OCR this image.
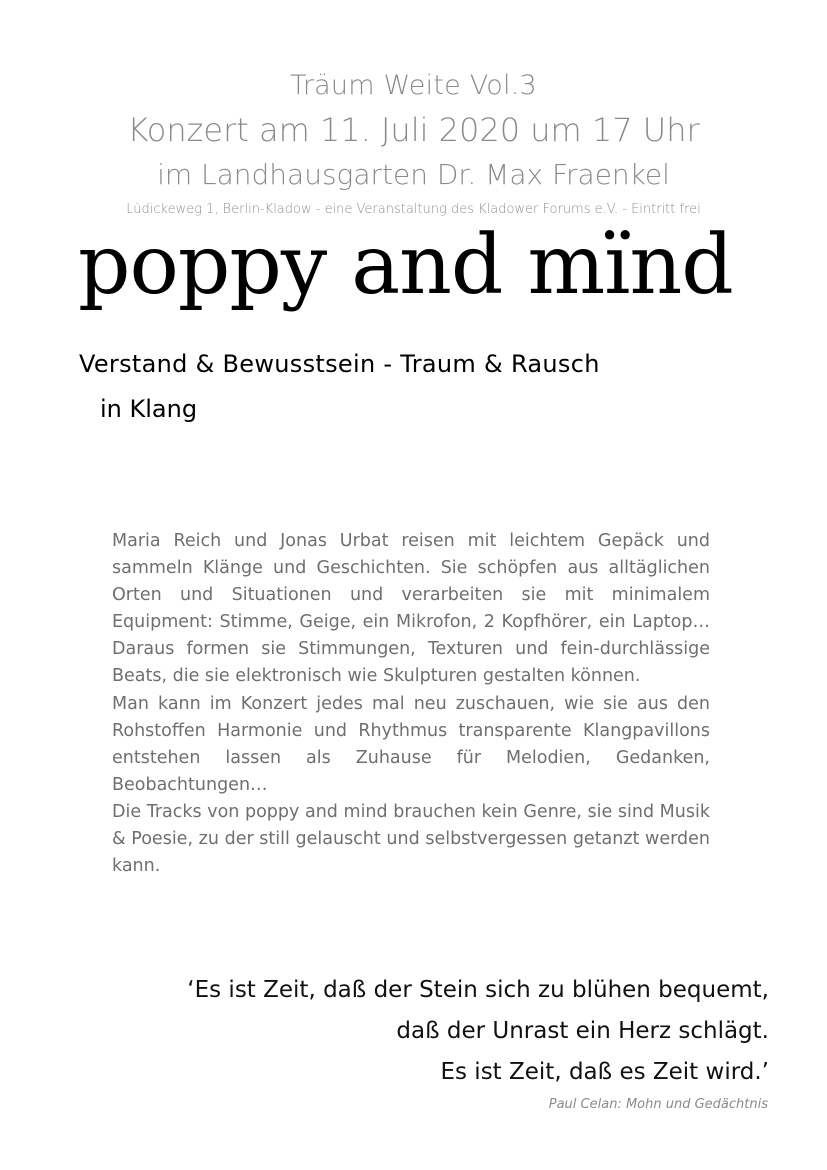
Träum Weite Vol.3
Konzert am 11. Juli 2020 um 17 Uhr
im Landhausgarten Dr. Max Fraenkel
Lüdickeweg 1, Berlin-Kladow - eine Veranstaltung des Kladower Forums e.V. - Eintritt frei
poppy and mïnd
Verstand & Bewusstsein - Traum & Rausch
in Klang

Maria Reich und Jonas Urbat reisen mit leichtem Gepäck und sammeln Klänge und Geschichten. Sie schöpfen aus alltäglichen Orten und Situationen und verarbeiten sie mit minimalem Equipment: Stimme, Geige, ein Mikrofon, 2 Kopfhörer, ein Laptop… Daraus formen sie Stimmungen, Texturen und fein-durchlässige Beats, die sie elektronisch wie Skulpturen gestalten können.

Man kann im Konzert jedes mal neu zuschauen, wie sie aus den Rohstoffen Harmonie und Rhythmus transparente Klangpavillons entstehen lassen als Zuhause für Melodien, Gedanken, Beobachtungen…

Die Tracks von poppy and mind brauchen kein Genre, sie sind Musik & Poesie, zu der still gelauscht und selbstvergessen getanzt werden kann.

‘Es ist Zeit, daß der Stein sich zu blühen bequemt,
daß der Unrast ein Herz schlägt.
Es ist Zeit, daß es Zeit wird.’
Paul Celan: Mohn und Gedächtnis
